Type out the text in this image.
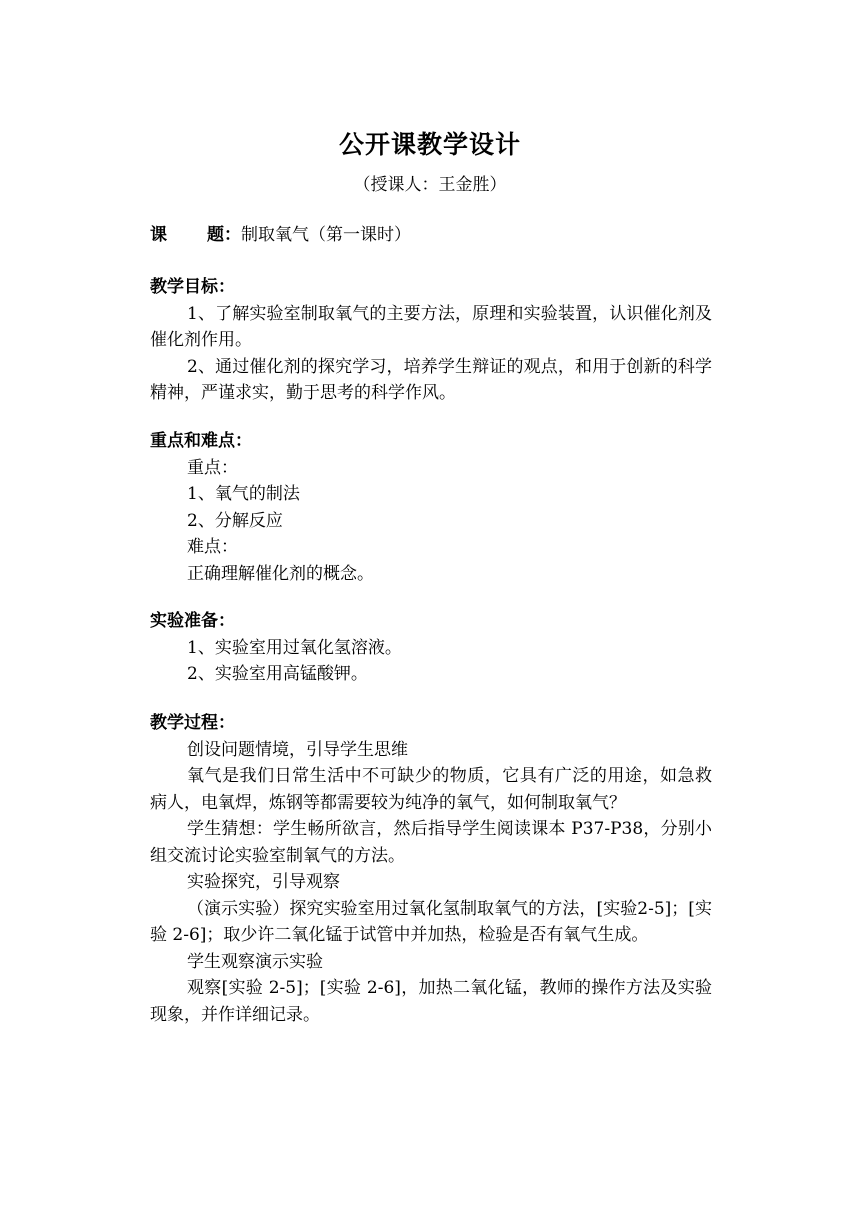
公开课教学设计
（授课人：王金胜）
课 题：制取氧气（第一课时）
教学目标：
1、了解实验室制取氧气的主要方法，原理和实验装置，认识催化剂及催化剂作用。
2、通过催化剂的探究学习，培养学生辩证的观点，和用于创新的科学精神，严谨求实，勤于思考的科学作风。
重点和难点：
重点：
1、氧气的制法
2、分解反应
难点：
正确理解催化剂的概念。
实验准备：
1、实验室用过氧化氢溶液。
2、实验室用高锰酸钾。
教学过程：
创设问题情境，引导学生思维
氧气是我们日常生活中不可缺少的物质，它具有广泛的用途，如急救病人，电氧焊，炼钢等都需要较为纯净的氧气，如何制取氧气？
学生猜想：学生畅所欲言，然后指导学生阅读课本 P37-P38，分别小组交流讨论实验室制氧气的方法。
实验探究，引导观察
（演示实验）探究实验室用过氧化氢制取氧气的方法，[实验2-5]；[实验 2-6]；取少许二氧化锰于试管中并加热，检验是否有氧气生成。
学生观察演示实验
观察[实验 2-5]；[实验 2-6]，加热二氧化锰，教师的操作方法及实验现象，并作详细记录。
